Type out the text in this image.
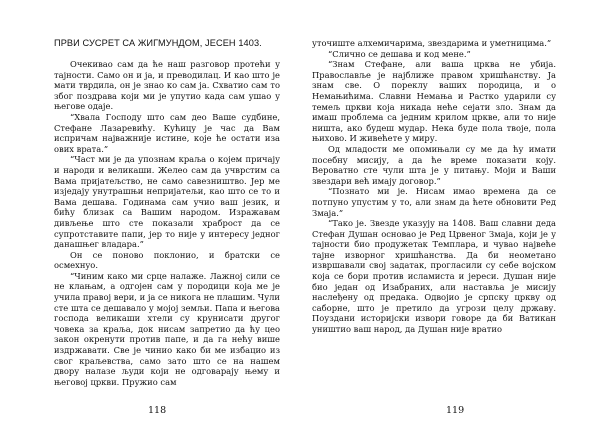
ПРВИ СУСРЕТ СА ЖИГМУНДОМ, ЈЕСЕН 1403.

Очекивао сам да ће наш разговор протећи у тајности. Само он и ја, и преводилац. И као што је мати тврдила, он је знао ко сам ја. Схватио сам то због поздрава који ми је упутио када сам ушао у његове одаје.

“Хвала Господу што сам део Ваше судбине, Стефане Лазаревићу. Кућицу је час да Вам испричам најважније истине, које ће остати иза ових врата.”

“Част ми је да упознам краља о којем причају и народи и великаши. Желео сам да учврстим са Вама пријатељство, не само савезништво. Јер ме изједају унутрашњи непријатељи, као што се то и Вама дешава. Годинама сам учио ваш језик, и бићу близак са Вашим народом. Изражавам дивљење што сте показали храброст да се супротставите папи, јер то није у интересу једног данашњег владара.”

Он се поново поклонио, и братски се осмехнуо.

“Чиним како ми срце налаже. Лажној сили се не клањам, а одгојен сам у породици која ме је учила правој вери, и ја се никога не плашим. Чули сте шта се дешавало у мојој земљи. Папа и његова господа великаши хтели су крунисати другог човека за краља, док нисам запретио да ћу цео закон окренути против папе, и да га нећу више издржавати. Све је чинио како би ме избацио из свог краљевства, само зато што се на нашем двору налазе људи који не одговарају њему и његовој цркви. Пружио сам

118

уточиште алхемичарима, звездарима и уметницима.”

“Слично се дешава и код мене.”

“Знам Стефане, али ваша црква не убија. Православље је најближе правом хришћанству. Ја знам све. О пореклу ваших породица, и о Немањићима. Славни Немања и Растко ударили су темељ цркви која никада неће сејати зло. Знам да имаш проблема са једним крилом цркве, али то није ништа, ако будеш мудар. Нека буде пола твоје, пола њихово. И живећете у миру.

Од младости ме опомињали су ме да ћу имати посебну мисију, а да ће време показати коју. Вероватно сте чули шта је у питању. Моји и Ваши звездари већ имају договор.”

“Познато ми је. Нисам имао времена да се потпуно упустим у то, али знам да ћете обновити Ред Змаја.”

“Тако је. Звезде указују на 1408. Ваш славни деда Стефан Душан основао је Ред Црвеног Змаја, који је у тајности био продужетак Темплара, и чувао највеће тајне изворног хришћанства. Да би неометано извршавали свој задатак, прогласили су себе војском која се бори против исламиста и јереси. Душан није био један од Изабраних, али наставља је мисију наслеђену од предака. Одвојио је српску цркву од саборне, што је претило да угрози целу државу. Поуздани историјски извори говоре да би Ватикан уништио ваш народ, да Душан није вратио

119
